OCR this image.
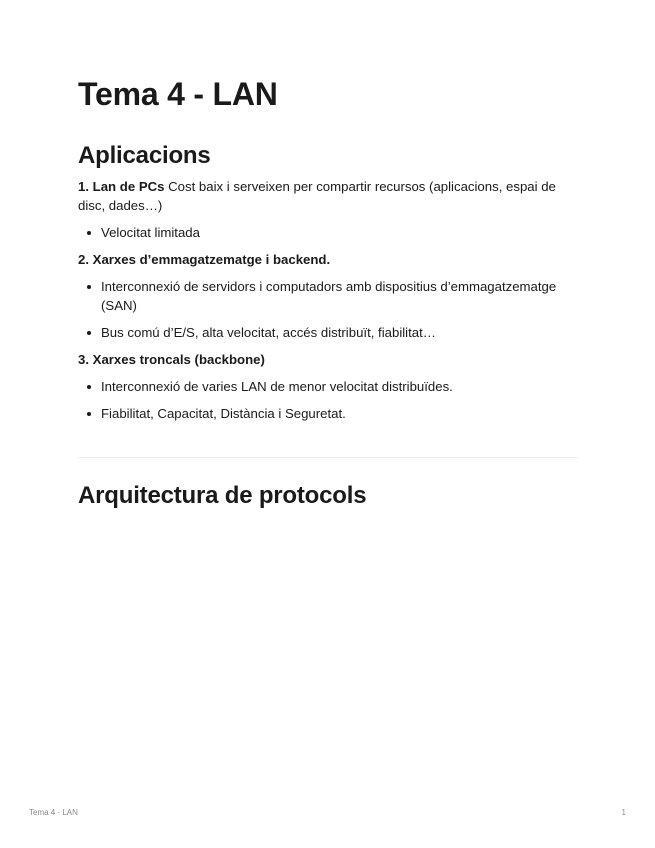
Tema 4 - LAN
Aplicacions

1. Lan de PCs Cost baix i serveixen per compartir recursos (aplicacions, espai de disc, dades…)

Velocitat limitada

2. Xarxes d’emmagatzematge i backend.

Interconnexió de servidors i computadors amb dispositius d’emmagatzematge (SAN)
Bus comú d’E/S, alta velocitat, accés distribuït, fiabilitat…

3. Xarxes troncals (backbone)

Interconnexió de varies LAN de menor velocitat distribuïdes.
Fiabilitat, Capacitat, Distància i Seguretat.
Arquitectura de protocols
Tema 4 - LAN	1
